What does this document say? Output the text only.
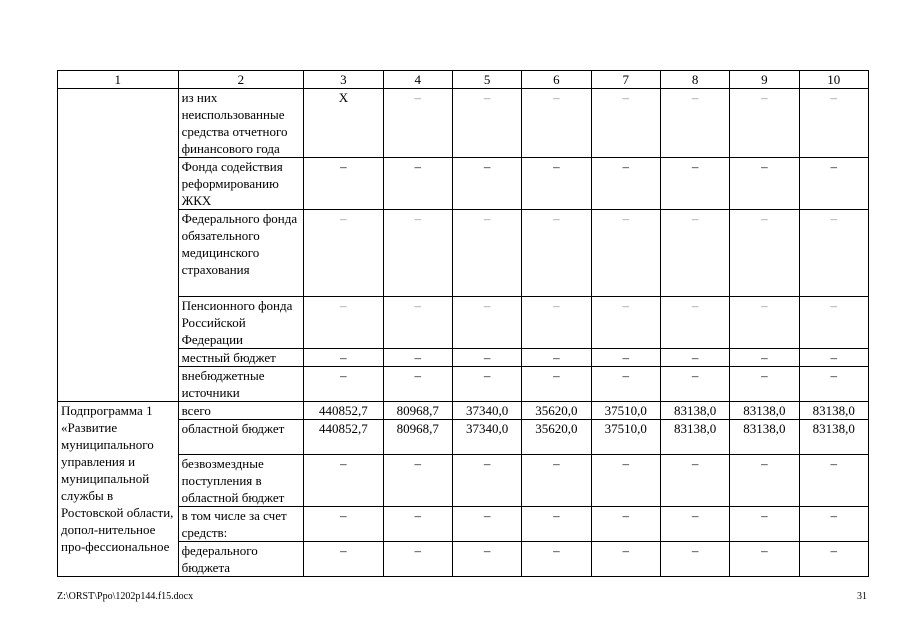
1	2	3	4	5	6	7	8	9	10
	из них неиспользованные средства отчетного финансового года	Х	–	–	–	–	–	–	–
	Фонда содействия реформированию ЖКХ	–	–	–	–	–	–	–	–
	Федерального фонда обязательного медицинского страхования	–	–	–	–	–	–	–	–
	Пенсионного фонда Российской Федерации	–	–	–	–	–	–	–	–
	местный бюджет	–	–	–	–	–	–	–	–
	внебюджетные источники	–	–	–	–	–	–	–	–
Подпрограмма 1 «Развитие муниципального управления и муниципальной службы в Ростовской области, допол-нительное про-фессиональное	всего	440852,7	80968,7	37340,0	35620,0	37510,0	83138,0	83138,0	83138,0
	областной бюджет	440852,7	80968,7	37340,0	35620,0	37510,0	83138,0	83138,0	83138,0
	безвозмездные поступления в областной бюджет	–	–	–	–	–	–	–	–
	в том числе за счет средств:	–	–	–	–	–	–	–	–
	федерального бюджета	–	–	–	–	–	–	–	–
Z:\ORST\Ppo\1202p144.f15.docx	31
